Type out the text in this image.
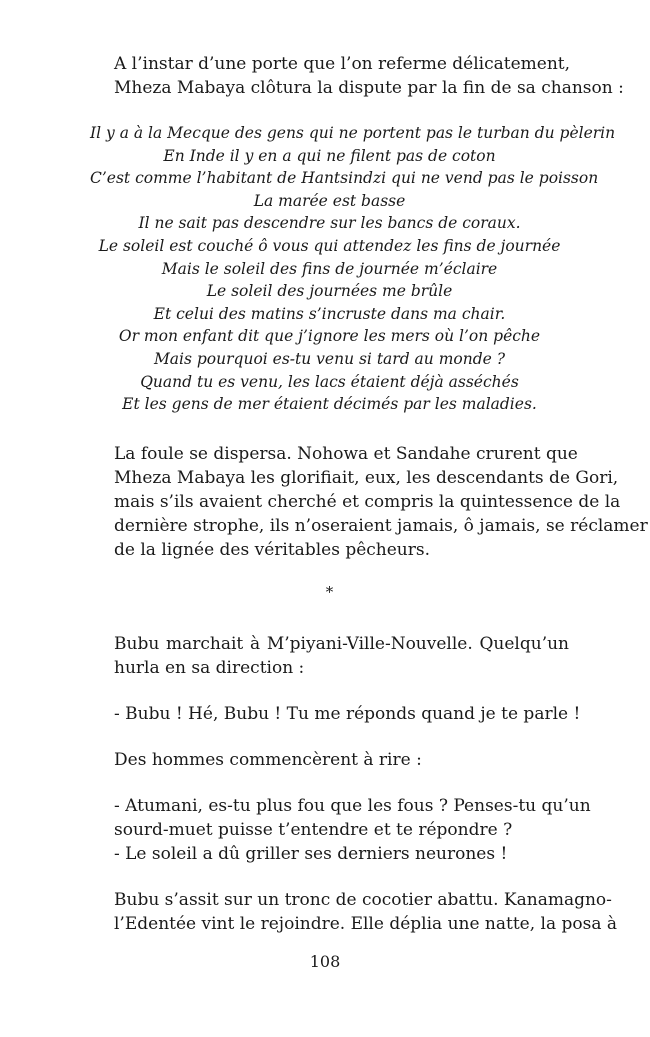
A l’instar d’une porte que l’on referme délicatement,
Mheza Mabaya clôtura la dispute par la fin de sa chanson :

Il y a à la Mecque des gens qui ne portent pas le turban du pèlerin
En Inde il y en a qui ne filent pas de coton
C’est comme l’habitant de Hantsindzi qui ne vend pas le poisson
La marée est basse
Il ne sait pas descendre sur les bancs de coraux.
Le soleil est couché ô vous qui attendez les fins de journée
Mais le soleil des fins de journée m’éclaire
Le soleil des journées me brûle
Et celui des matins s’incruste dans ma chair.
Or mon enfant dit que j’ignore les mers où l’on pêche
Mais pourquoi es-tu venu si tard au monde ?
Quand tu es venu, les lacs étaient déjà asséchés
Et les gens de mer étaient décimés par les maladies.

La foule se dispersa. Nohowa et Sandahe crurent que
Mheza Mabaya les glorifiait, eux, les descendants de Gori,
mais s’ils avaient cherché et compris la quintessence de la
dernière strophe, ils n’oseraient jamais, ô jamais, se réclamer
de la lignée des véritables pêcheurs.

*

Bubu marchait à M’piyani-Ville-Nouvelle. Quelqu’un
hurla en sa direction :

- Bubu ! Hé, Bubu ! Tu me réponds quand je te parle !

Des hommes commencèrent à rire :

- Atumani, es-tu plus fou que les fous ? Penses-tu qu’un
sourd-muet puisse t’entendre et te répondre ?

- Le soleil a dû griller ses derniers neurones !

Bubu s’assit sur un tronc de cocotier abattu. Kanamagno-
l’Edentée vint le rejoindre. Elle déplia une natte, la posa à

108
